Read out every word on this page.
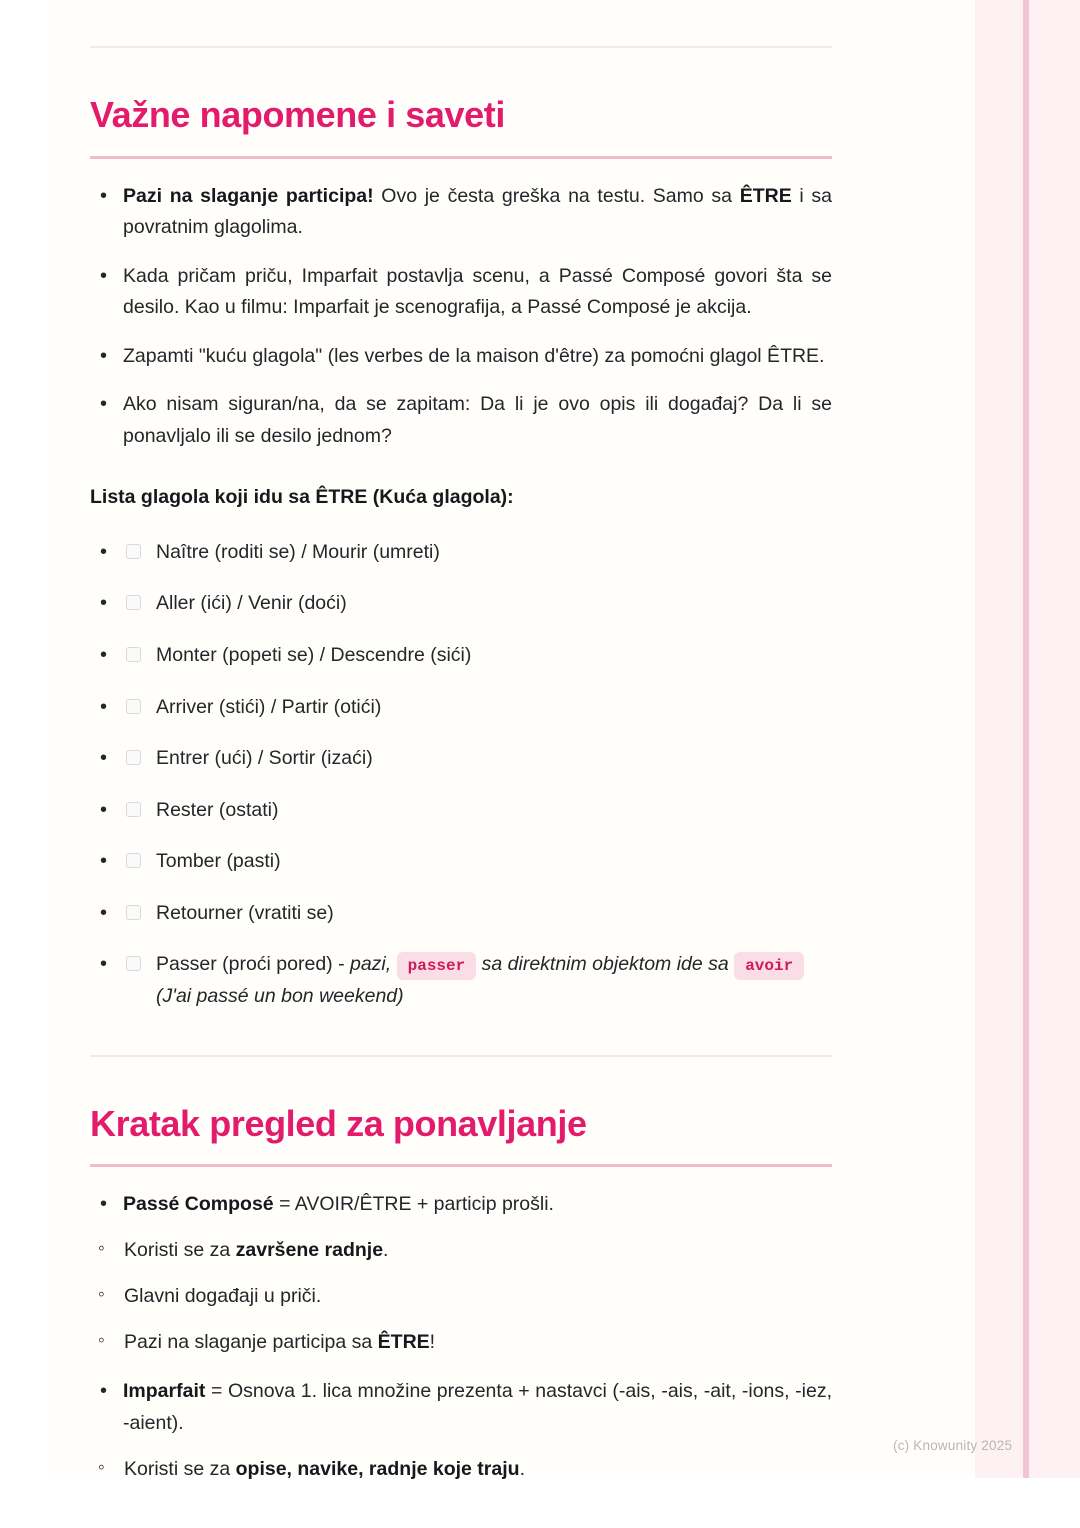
Važne napomene i saveti
• Pazi na slaganje participa! Ovo je česta greška na testu. Samo sa ÊTRE i sa povratnim glagolima.
• Kada pričam priču, Imparfait postavlja scenu, a Passé Composé govori šta se desilo. Kao u filmu: Imparfait je scenografija, a Passé Composé je akcija.
• Zapamti "kuću glagola" (les verbes de la maison d'être) za pomoćni glagol ÊTRE.
• Ako nisam siguran/na, da se zapitam: Da li je ovo opis ili događaj? Da li se ponavljalo ili se desilo jednom?

Lista glagola koji idu sa ÊTRE (Kuća glagola):

• Naître (roditi se) / Mourir (umreti)
• Aller (ići) / Venir (doći)
• Monter (popeti se) / Descendre (sići)
• Arriver (stići) / Partir (otići)
• Entrer (ući) / Sortir (izaći)
• Rester (ostati)
• Tomber (pasti)
• Retourner (vratiti se)
• Passer (proći pored) - pazi, passer sa direktnim objektom ide sa avoir (J'ai passé un bon weekend)
Kratak pregled za ponavljanje
• Passé Composé = AVOIR/ÊTRE + particip prošli.
◦ Koristi se za završene radnje.
◦ Glavni događaji u priči.
◦ Pazi na slaganje participa sa ÊTRE!
• Imparfait = Osnova 1. lica množine prezenta + nastavci (-ais, -ais, -ait, -ions, -iez, -aient).
◦ Koristi se za opise, navike, radnje koje traju.
(c) Knowunity 2025
